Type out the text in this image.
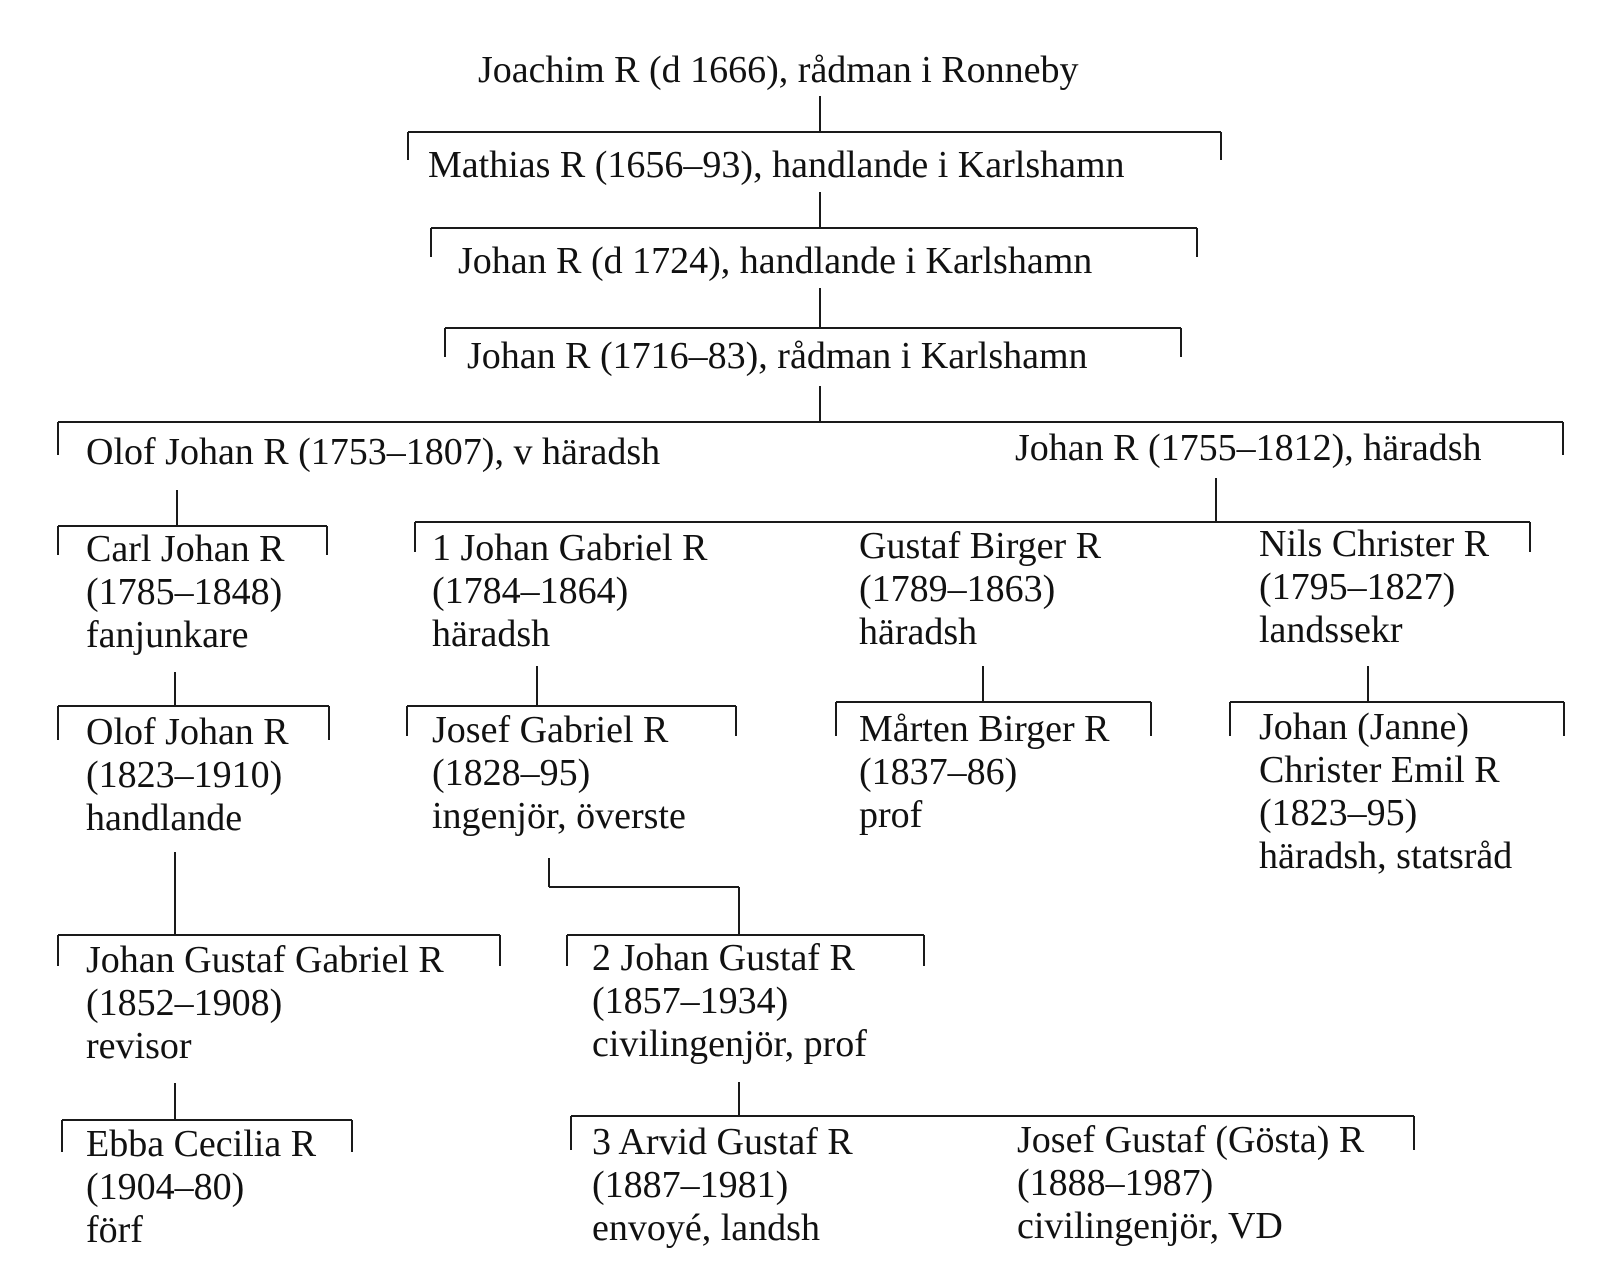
Joachim R (d 1666), rådman i Ronneby
Mathias R (1656–93), handlande i Karlshamn
Johan R (d 1724), handlande i Karlshamn
Johan R (1716–83), rådman i Karlshamn
Olof Johan R (1753–1807), v häradsh	Johan R (1755–1812), häradsh
Carl Johan R
(1785–1848)
fanjunkare
1 Johan Gabriel R
(1784–1864)
häradsh
Gustaf Birger R
(1789–1863)
häradsh
Nils Christer R
(1795–1827)
landssekr
Olof Johan R
(1823–1910)
handlande
Josef Gabriel R
(1828–95)
ingenjör, överste
Mårten Birger R
(1837–86)
prof
Johan (Janne)
Christer Emil R
(1823–95)
häradsh, statsråd
Johan Gustaf Gabriel R
(1852–1908)
revisor
2 Johan Gustaf R
(1857–1934)
civilingenjör, prof
Ebba Cecilia R
(1904–80)
förf
3 Arvid Gustaf R
(1887–1981)
envoyé, landsh
Josef Gustaf (Gösta) R
(1888–1987)
civilingenjör, VD
